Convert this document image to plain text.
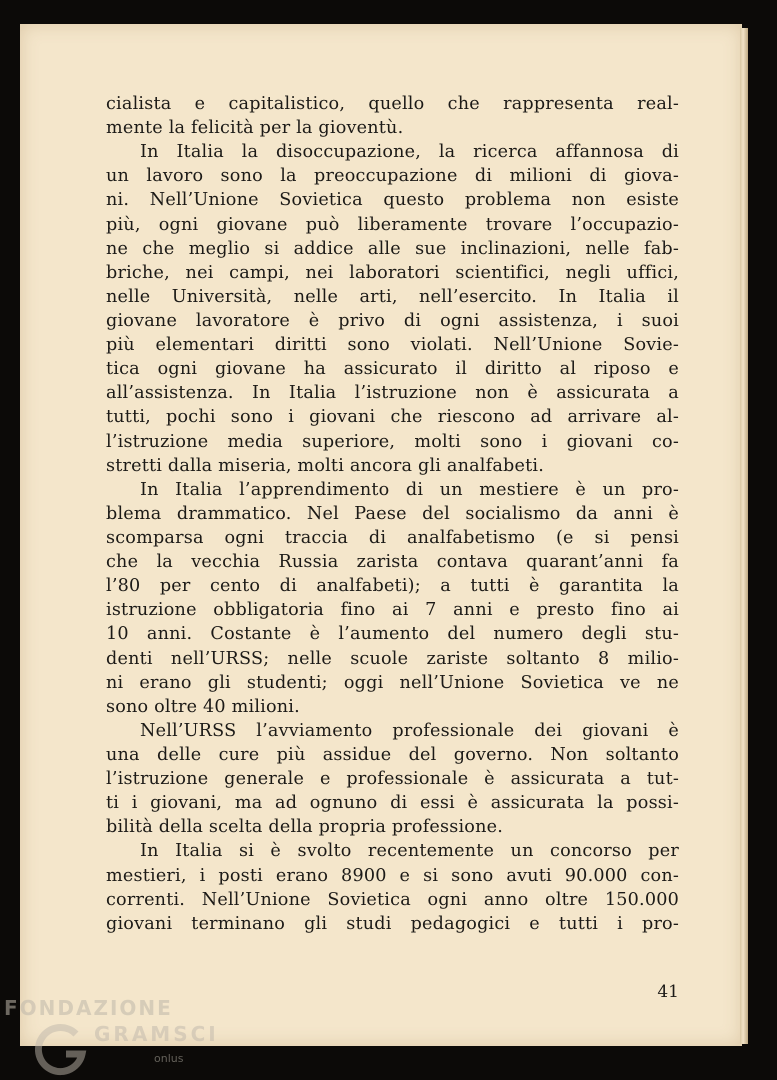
cialista e capitalistico, quello che rappresenta real-
mente la felicità per la gioventù.
In Italia la disoccupazione, la ricerca affannosa di
un lavoro sono la preoccupazione di milioni di giova-
ni. Nell’Unione Sovietica questo problema non esiste
più, ogni giovane può liberamente trovare l’occupazio-
ne che meglio si addice alle sue inclinazioni, nelle fab-
briche, nei campi, nei laboratori scientifici, negli uffici,
nelle Università, nelle arti, nell’esercito. In Italia il
giovane lavoratore è privo di ogni assistenza, i suoi
più elementari diritti sono violati. Nell’Unione Sovie-
tica ogni giovane ha assicurato il diritto al riposo e
all’assistenza. In Italia l’istruzione non è assicurata a
tutti, pochi sono i giovani che riescono ad arrivare al-
l’istruzione media superiore, molti sono i giovani co-
stretti dalla miseria, molti ancora gli analfabeti.
In Italia l’apprendimento di un mestiere è un pro-
blema drammatico. Nel Paese del socialismo da anni è
scomparsa ogni traccia di analfabetismo (e si pensi
che la vecchia Russia zarista contava quarant’anni fa
l’80 per cento di analfabeti); a tutti è garantita la
istruzione obbligatoria fino ai 7 anni e presto fino ai
10 anni. Costante è l’aumento del numero degli stu-
denti nell’URSS; nelle scuole zariste soltanto 8 milio-
ni erano gli studenti; oggi nell’Unione Sovietica ve ne
sono oltre 40 milioni.
Nell’URSS l’avviamento professionale dei giovani è
una delle cure più assidue del governo. Non soltanto
l’istruzione generale e professionale è assicurata a tut-
ti i giovani, ma ad ognuno di essi è assicurata la possi-
bilità della scelta della propria professione.
In Italia si è svolto recentemente un concorso per
mestieri, i posti erano 8900 e si sono avuti 90.000 con-
correnti. Nell’Unione Sovietica ogni anno oltre 150.000
giovani terminano gli studi pedagogici e tutti i pro-
41
FONDAZIONE
GRAMSCI
onlus
